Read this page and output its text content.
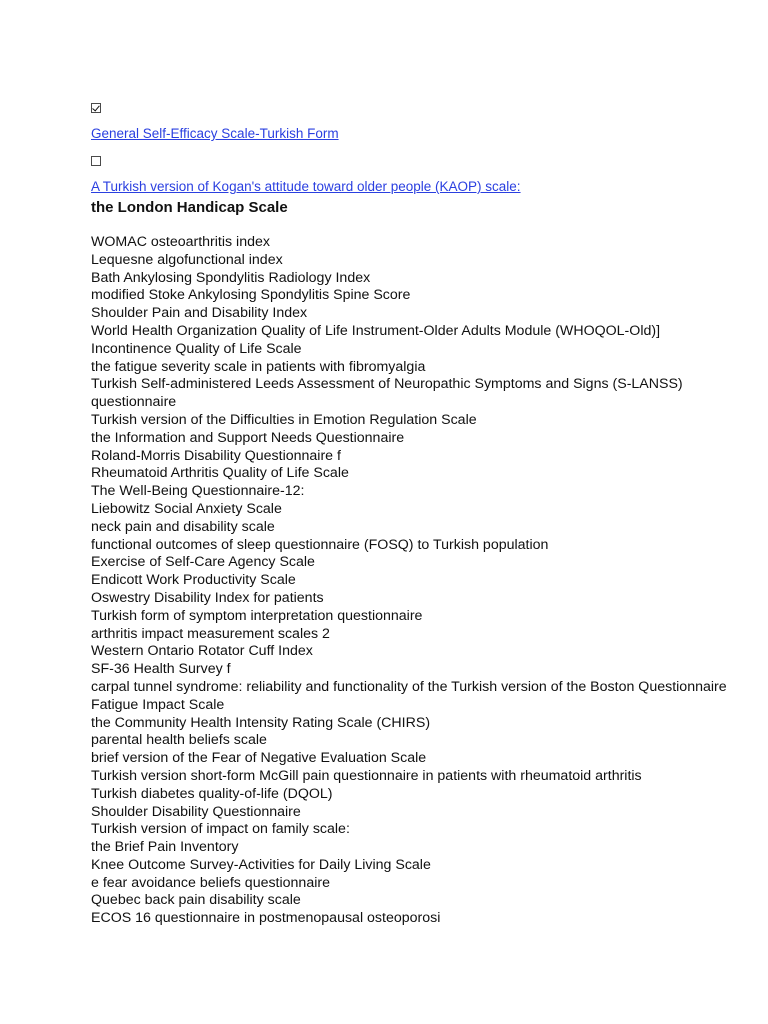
General Self-Efficacy Scale-Turkish Form
A Turkish version of Kogan's attitude toward older people (KAOP) scale:
the London Handicap Scale
WOMAC osteoarthritis index
Lequesne algofunctional index
Bath Ankylosing Spondylitis Radiology Index
modified Stoke Ankylosing Spondylitis Spine Score
Shoulder Pain and Disability Index
World Health Organization Quality of Life Instrument-Older Adults Module (WHOQOL-Old)]
Incontinence Quality of Life Scale
the fatigue severity scale in patients with fibromyalgia
Turkish Self-administered Leeds Assessment of Neuropathic Symptoms and Signs (S-LANSS) questionnaire
Turkish version of the Difficulties in Emotion Regulation Scale
the Information and Support Needs Questionnaire
Roland-Morris Disability Questionnaire f
Rheumatoid Arthritis Quality of Life Scale
The Well-Being Questionnaire-12:
Liebowitz Social Anxiety Scale
neck pain and disability scale
functional outcomes of sleep questionnaire (FOSQ) to Turkish population
Exercise of Self-Care Agency Scale
Endicott Work Productivity Scale
Oswestry Disability Index for patients
Turkish form of symptom interpretation questionnaire
arthritis impact measurement scales 2
Western Ontario Rotator Cuff Index
SF-36 Health Survey f
carpal tunnel syndrome: reliability and functionality of the Turkish version of the Boston Questionnaire
Fatigue Impact Scale
the Community Health Intensity Rating Scale (CHIRS)
parental health beliefs scale
brief version of the Fear of Negative Evaluation Scale
Turkish version short-form McGill pain questionnaire in patients with rheumatoid arthritis
Turkish diabetes quality-of-life (DQOL)
Shoulder Disability Questionnaire
Turkish version of impact on family scale:
the Brief Pain Inventory
Knee Outcome Survey-Activities for Daily Living Scale
e fear avoidance beliefs questionnaire
Quebec back pain disability scale
ECOS 16 questionnaire in postmenopausal osteoporosi
